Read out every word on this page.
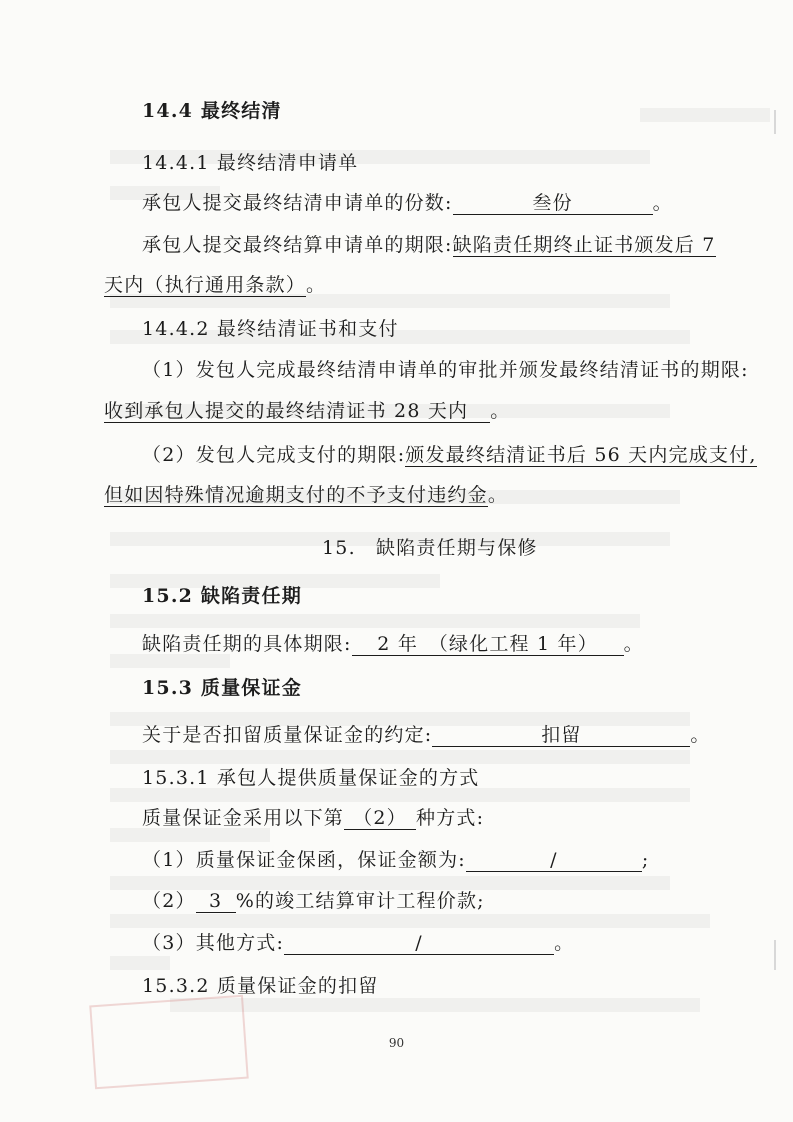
14.4 最终结清
14.4.1 最终结清申请单
承包人提交最终结清申请单的份数:	叁份	。
承包人提交最终结算申请单的期限:缺陷责任期终止证书颁发后 7
天内（执行通用条款）。
14.4.2 最终结清证书和支付
（1）发包人完成最终结清申请单的审批并颁发最终结清证书的期限:
收到承包人提交的最终结清证书 28 天内 。
（2）发包人完成支付的期限:颁发最终结清证书后 56 天内完成支付,
但如因特殊情况逾期支付的不予支付违约金。
15.　 缺陷责任期与保修
15.2 缺陷责任期
缺陷责任期的具体期限: 2 年　（绿化工程 1 年） 。
15.3 质量保证金
关于是否扣留质量保证金的约定:	扣留	。
15.3.1 承包人提供质量保证金的方式
质量保证金采用以下第 （2） 种方式:
（1）质量保证金保函，保证金额为:	/	;
（2） 3 %的竣工结算审计工程价款;
（3）其他方式:	/	。
15.3.2 质量保证金的扣留
90
